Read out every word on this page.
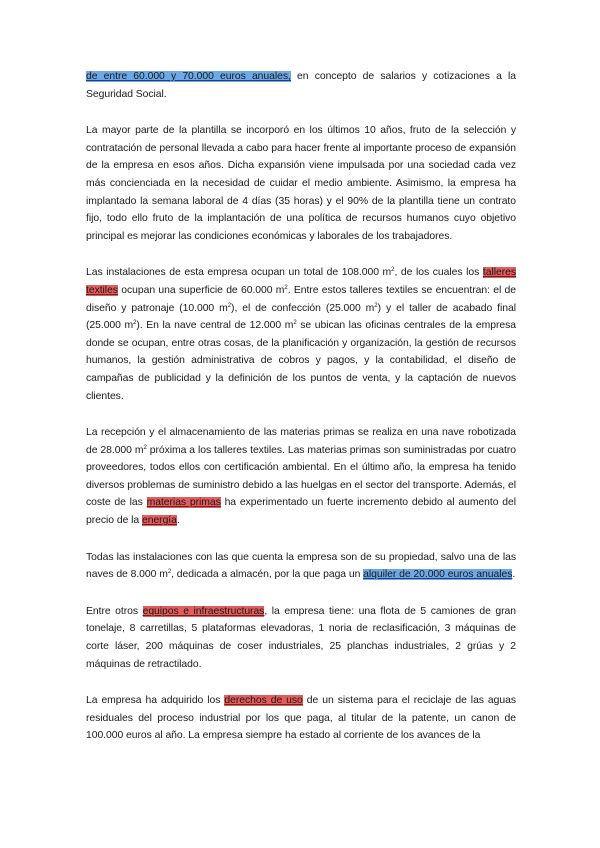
de entre 60.000 y 70.000 euros anuales, en concepto de salarios y cotizaciones a la Seguridad Social.

La mayor parte de la plantilla se incorporó en los últimos 10 años, fruto de la selección y contratación de personal llevada a cabo para hacer frente al importante proceso de expansión de la empresa en esos años. Dicha expansión viene impulsada por una sociedad cada vez más concienciada en la necesidad de cuidar el medio ambiente. Asimismo, la empresa ha implantado la semana laboral de 4 días (35 horas) y el 90% de la plantilla tiene un contrato fijo, todo ello fruto de la implantación de una política de recursos humanos cuyo objetivo principal es mejorar las condiciones económicas y laborales de los trabajadores.

Las instalaciones de esta empresa ocupan un total de 108.000 $m^2$, de los cuales los talleres textiles ocupan una superficie de 60.000 $m^2$. Entre estos talleres textiles se encuentran: el de diseño y patronaje (10.000 $m^2$), el de confección (25.000 $m^2$) y el taller de acabado final (25.000 $m^2$). En la nave central de 12.000 $m^2$ se ubican las oficinas centrales de la empresa donde se ocupan, entre otras cosas, de la planificación y organización, la gestión de recursos humanos, la gestión administrativa de cobros y pagos, y la contabilidad, el diseño de campañas de publicidad y la definición de los puntos de venta, y la captación de nuevos clientes.

La recepción y el almacenamiento de las materias primas se realiza en una nave robotizada de 28.000 $m^2$ próxima a los talleres textiles. Las materias primas son suministradas por cuatro proveedores, todos ellos con certificación ambiental. En el último año, la empresa ha tenido diversos problemas de suministro debido a las huelgas en el sector del transporte. Además, el coste de las materias primas ha experimentado un fuerte incremento debido al aumento del precio de la energía.

Todas las instalaciones con las que cuenta la empresa son de su propiedad, salvo una de las naves de 8.000 $m^2$, dedicada a almacén, por la que paga un alquiler de 20.000 euros anuales.

Entre otros equipos e infraestructuras, la empresa tiene: una flota de 5 camiones de gran tonelaje, 8 carretillas, 5 plataformas elevadoras, 1 noria de reclasificación, 3 máquinas de corte láser, 200 máquinas de coser industriales, 25 planchas industriales, 2 grúas y 2 máquinas de retractilado.

La empresa ha adquirido los derechos de uso de un sistema para el reciclaje de las aguas residuales del proceso industrial por los que paga, al titular de la patente, un canon de 100.000 euros al año. La empresa siempre ha estado al corriente de los avances de la
